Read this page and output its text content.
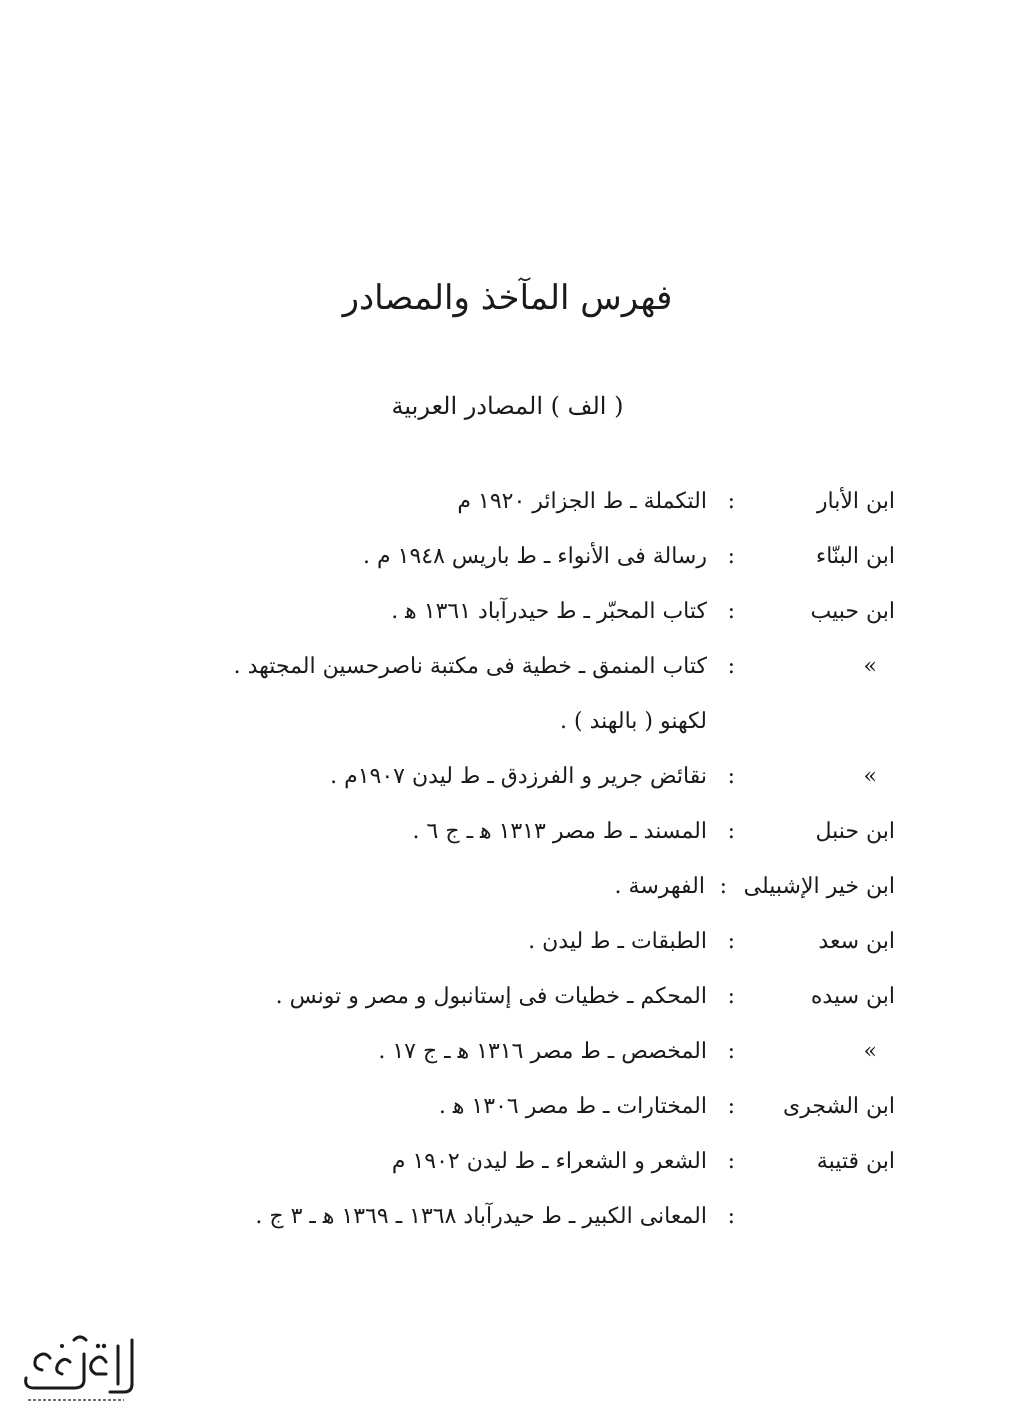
فهرس المآخذ والمصادر
( الف ) المصادر العربية
ابن الأبار
:
التكملة ـ ط الجزائر ١٩٢٠ م
ابن البنّاء
:
رسالة فى الأنواء ـ ط باريس ١٩٤٨ م .
ابن حبيب
:
كتاب المحبّر ـ ط حيدرآباد ١٣٦١ ﻫ .
»
:
كتاب المنمق ـ خطية فى مكتبة ناصرحسين المجتهد .
لكهنو ( بالهند ) .
»
:
نقائض جرير و الفرزدق ـ ط ليدن ١٩٠٧م .
ابن حنبل
:
المسند ـ ط مصر ١٣١٣ ﻫ ـ ج ٦ .
ابن خير الإشبيلى
:
الفهرسة .
ابن سعد
:
الطبقات ـ ط ليدن .
ابن سيده
:
المحكم ـ خطيات فى إستانبول و مصر و تونس .
»
:
المخصص ـ ط مصر ١٣١٦ ﻫ ـ ج ١٧ .
ابن الشجرى
:
المختارات ـ ط مصر ١٣٠٦ ﻫ .
ابن قتيبة
:
الشعر و الشعراء ـ ط ليدن ١٩٠٢ م
:
المعانى الكبير ـ ط حيدرآباد ١٣٦٨ ـ ١٣٦٩ ﻫ ـ ٣ ج .
